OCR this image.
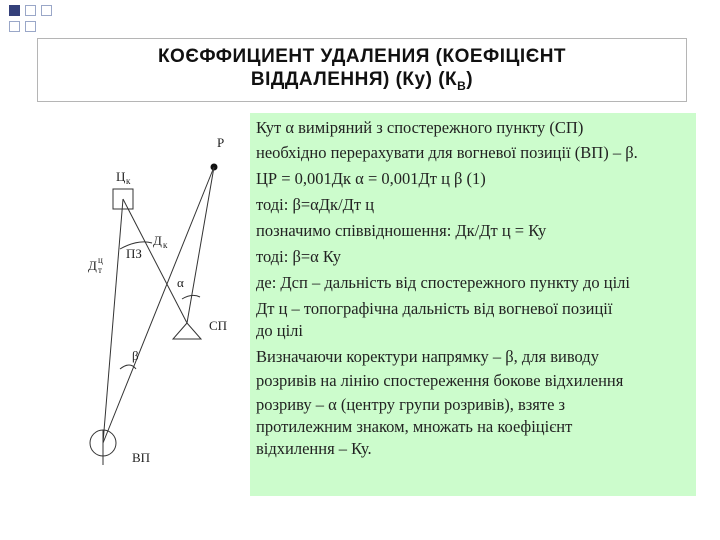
КОЄФФИЦИЕНТ УДАЛЕНИЯ (КОЕФІЦІЄНТ
ВІДДАЛЕННЯ) (Ку) $(К_В)$
Р
Ц к
СП
Д к
Д ц
т
ПЗ
α
β
ВП
Кут α виміряний з спостережного пункту (СП)
необхідно перерахувати для вогневої позиції (ВП) – β.
ЦР = 0,001Дк α = 0,001Дт ц β (1)
тоді: β=αДк/Дт ц
позначимо співвідношення: Дк/Дт ц = Ку
тоді: β=α Ку
де: Дсп – дальність від спостережного пункту до цілі
Дт ц – топографічна дальність від вогневої позиції
до цілі
Визначаючи коректури напрямку – β, для виводу
розривів на лінію спостереження бокове відхилення
розриву – α (центру групи розривів), взяте з
протилежним знаком, множать на коефіцієнт
відхилення – Ку.
